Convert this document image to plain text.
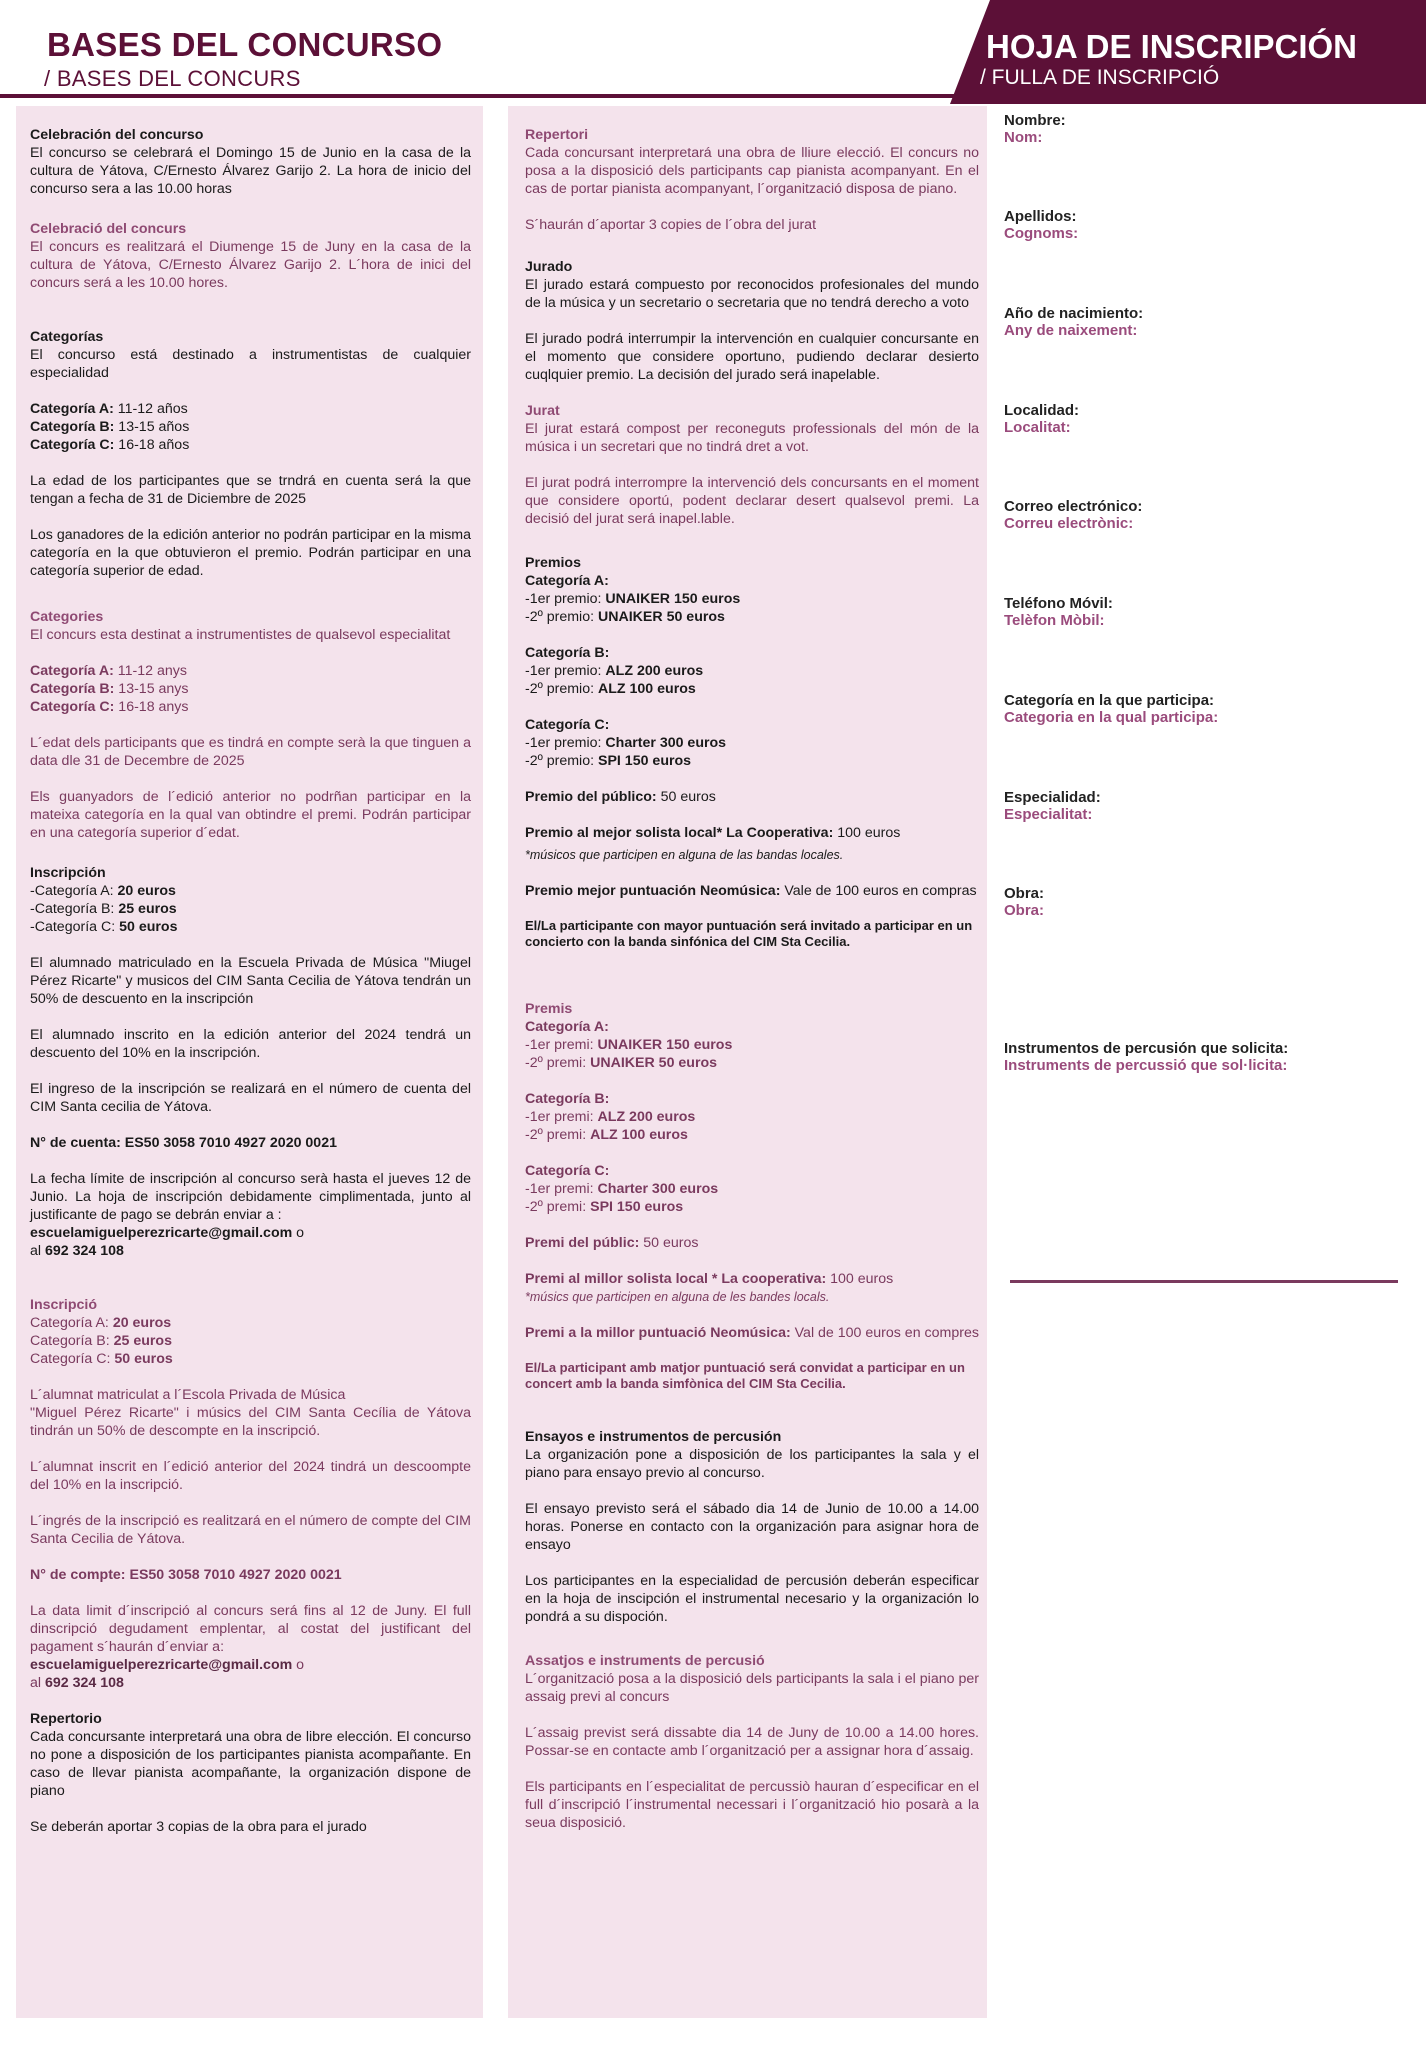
BASES DEL CONCURSO
/ BASES DEL CONCURS
HOJA DE INSCRIPCIÓN
/ FULLA DE INSCRIPCIÓ

Celebración del concurso

El concurso se celebrará el Domingo 15 de Junio en la casa de la cultura de Yátova, C/Ernesto Álvarez Garijo 2. La hora de inicio del concurso sera a las 10.00 horas

Celebració del concurs

El concurs es realitzará el Diumenge 15 de Juny en la casa de la cultura de Yátova, C/Ernesto Álvarez Garijo 2. L´hora de inici del concurs será a les 10.00 hores.

Categorías

El concurso está destinado a instrumentistas de cualquier especialidad

Categoría A: 11-12 años
Categoría B: 13-15 años
Categoría C: 16-18 años

La edad de los participantes que se trndrá en cuenta será la que tengan a fecha de 31 de Diciembre de 2025

Los ganadores de la edición anterior no podrán participar en la misma categoría en la que obtuvieron el premio. Podrán participar en una categoría superior de edad.

Categories

El concurs esta destinat a instrumentistes de qualsevol especialitat

Categoría A: 11-12 anys
Categoría B: 13-15 anys
Categoría C: 16-18 anys

L´edat dels participants que es tindrá en compte serà la que tinguen a data dle 31 de Decembre de 2025

Els guanyadors de l´edició anterior no podrñan participar en la mateixa categoría en la qual van obtindre el premi. Podrán participar en una categoría superior d´edat.

Inscripción

-Categoría A: 20 euros
-Categoría B: 25 euros
-Categoría C: 50 euros

El alumnado matriculado en la Escuela Privada de Música "Miugel Pérez Ricarte" y musicos del CIM Santa Cecilia de Yátova tendrán un 50% de descuento en la inscripción

El alumnado inscrito en la edición anterior del 2024 tendrá un descuento del 10% en la inscripción.

El ingreso de la inscripción se realizará en el número de cuenta del CIM Santa cecilia de Yátova.

N° de cuenta: ES50 3058 7010 4927 2020 0021

La fecha límite de inscripción al concurso serà hasta el jueves 12 de Junio. La hoja de inscripción debidamente cimplimentada, junto al justificante de pago se debrán enviar a :

escuelamiguelperezricarte@gmail.com o
al 692 324 108

Inscripció

Categoría A: 20 euros
Categoría B: 25 euros
Categoría C: 50 euros
L´alumnat matriculat a l´Escola Privada de Música
"Miguel Pérez Ricarte" i músics del CIM Santa Cecília de Yátova tindrán un 50% de descompte en la inscripció.

L´alumnat inscrit en l´edició anterior del 2024 tindrá un descoompte del 10% en la inscripció.

L´ingrés de la inscripció es realitzará en el número de compte del CIM Santa Cecilia de Yátova.

N° de compte: ES50 3058 7010 4927 2020 0021

La data limit d´inscripció al concurs será fins al 12 de Juny. El full dinscripció degudament emplentar, al costat del justificant del pagament s´haurán d´enviar a:

escuelamiguelperezricarte@gmail.com o
al 692 324 108

Repertorio

Cada concursante interpretará una obra de libre elección. El concurso no pone a disposición de los participantes pianista acompañante. En caso de llevar pianista acompañante, la organización dispone de piano

Se deberán aportar 3 copias de la obra para el jurado

Repertori

Cada concursant interpretará una obra de lliure elecció. El concurs no posa a la disposició dels participants cap pianista acompanyant. En el cas de portar pianista acompanyant, l´organització disposa de piano.

S´haurán d´aportar 3 copies de l´obra del jurat

Jurado

El jurado estará compuesto por reconocidos profesionales del mundo de la música y un secretario o secretaria que no tendrá derecho a voto

El jurado podrá interrumpir la intervención en cualquier concursante en el momento que considere oportuno, pudiendo declarar desierto cuqlquier premio. La decisión del jurado será inapelable.

Jurat

El jurat estará compost per reconeguts professionals del món de la música i un secretari que no tindrá dret a vot.

El jurat podrá interrompre la intervenció dels concursants en el moment que considere oportú, podent declarar desert qualsevol premi. La decisió del jurat será inapel.lable.

Premios

Categoría A:
-1er premio: UNAIKER 150 euros
-2º premio: UNAIKER 50 euros
Categoría B:
-1er premio: ALZ 200 euros
-2º premio: ALZ 100 euros
Categoría C:
-1er premio: Charter 300 euros
-2º premio: SPI 150 euros
Premio del público: 50 euros
Premio al mejor solista local* La Cooperativa: 100 euros
*músicos que participen en alguna de las bandas locales.
Premio mejor puntuación Neomúsica: Vale de 100 euros en compras
El/La participante con mayor puntuación será invitado a participar en un concierto con la banda sinfónica del CIM Sta Cecilia.

Premis

Categoría A:
-1er premi: UNAIKER 150 euros
-2º premi: UNAIKER 50 euros
Categoría B:
-1er premi: ALZ 200 euros
-2º premi: ALZ 100 euros
Categoría C:
-1er premi: Charter 300 euros
-2º premi: SPI 150 euros
Premi del públic: 50 euros
Premi al millor solista local * La cooperativa: 100 euros
*músics que participen en alguna de les bandes locals.
Premi a la millor puntuació Neomúsica: Val de 100 euros en compres
El/La participant amb matjor puntuació será convidat a participar en un concert amb la banda simfònica del CIM Sta Cecilia.

Ensayos e instrumentos de percusión

La organización pone a disposición de los participantes la sala y el piano para ensayo previo al concurso.

El ensayo previsto será el sábado dia 14 de Junio de 10.00 a 14.00 horas. Ponerse en contacto con la organización para asignar hora de ensayo

Los participantes en la especialidad de percusión deberán especificar en la hoja de inscipción el instrumental necesario y la organización lo pondrá a su dispoción.

Assatjos e instruments de percusió

L´organització posa a la disposició dels participants la sala i el piano per assaig previ al concurs

L´assaig previst será dissabte dia 14 de Juny de 10.00 a 14.00 hores. Possar-se en contacte amb l´organització per a assignar hora d´assaig.

Els participants en l´especialitat de percussiò hauran d´especificar en el full d´inscripció l´instrumental necessari i l´organització hio posarà a la seua disposició.

Nombre:
Nom:
Apellidos:
Cognoms:
Año de nacimiento:
Any de naixement:
Localidad:
Localitat:
Correo electrónico:
Correu electrònic:
Teléfono Móvil:
Telèfon Mòbil:
Categoría en la que participa:
Categoria en la qual participa:
Especialidad:
Especialitat:
Obra:
Obra:
Instrumentos de percusión que solicita:
Instruments de percussió que sol·licita:
